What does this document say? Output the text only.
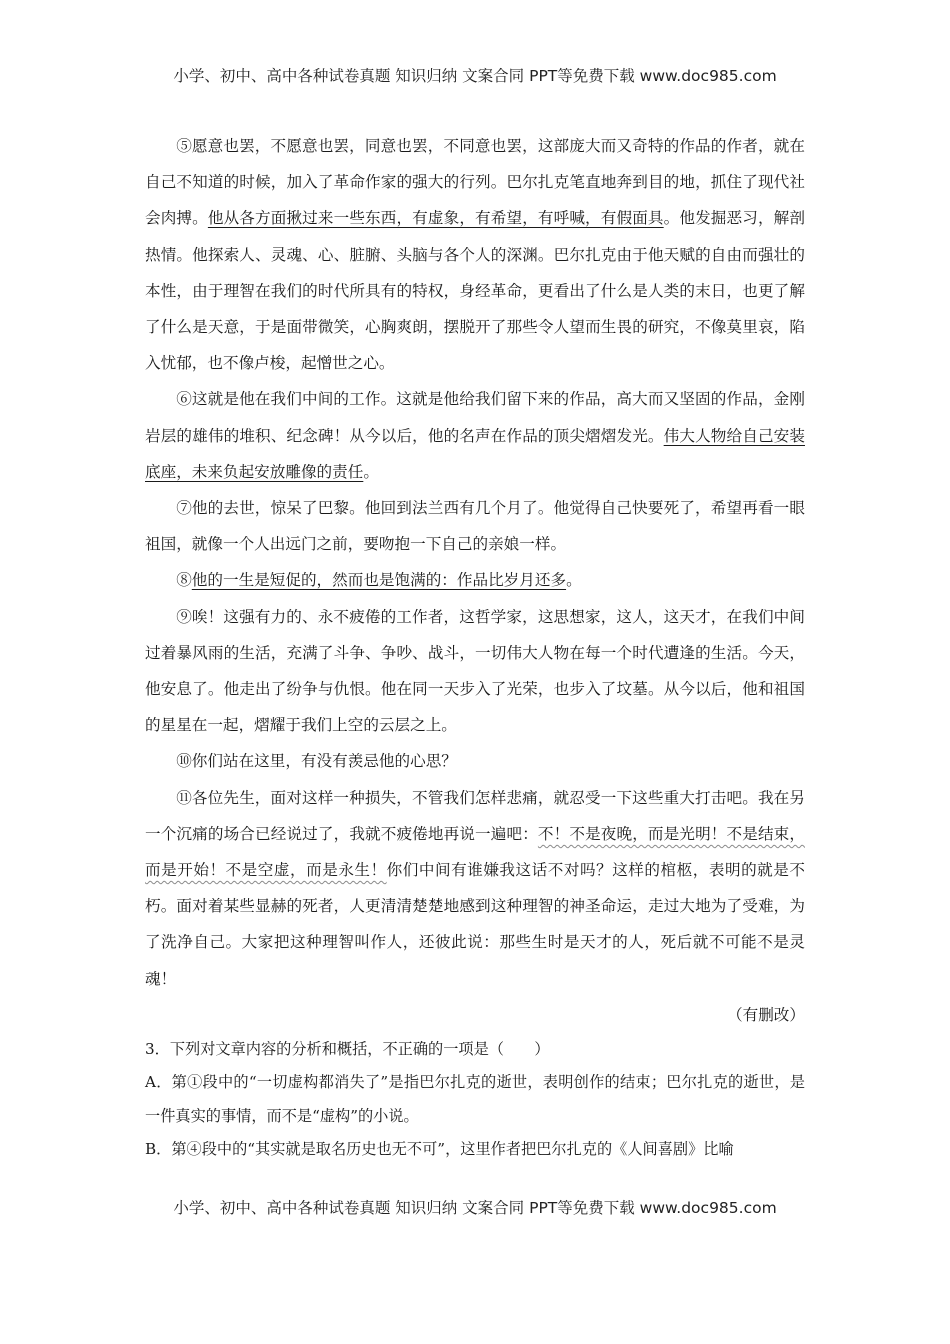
小学、初中、高中各种试卷真题 知识归纳 文案合同 PPT等免费下载 www.doc985.com

⑤愿意也罢，不愿意也罢，同意也罢，不同意也罢，这部庞大而又奇特的作品的作者，就在自己不知道的时候，加入了革命作家的强大的行列。巴尔扎克笔直地奔到目的地，抓住了现代社会肉搏。他从各方面揪过来一些东西，有虚象，有希望，有呼喊，有假面具。他发掘恶习，解剖热情。他探索人、灵魂、心、脏腑、头脑与各个人的深渊。巴尔扎克由于他天赋的自由而强壮的本性，由于理智在我们的时代所具有的特权，身经革命，更看出了什么是人类的末日，也更了解了什么是天意，于是面带微笑，心胸爽朗，摆脱开了那些令人望而生畏的研究，不像莫里哀，陷入忧郁，也不像卢梭，起憎世之心。

⑥这就是他在我们中间的工作。这就是他给我们留下来的作品，高大而又坚固的作品，金刚岩层的雄伟的堆积、纪念碑！从今以后，他的名声在作品的顶尖熠熠发光。伟大人物给自己安装底座，未来负起安放雕像的责任。

⑦他的去世，惊呆了巴黎。他回到法兰西有几个月了。他觉得自己快要死了，希望再看一眼祖国，就像一个人出远门之前，要吻抱一下自己的亲娘一样。

⑧他的一生是短促的，然而也是饱满的：作品比岁月还多。

⑨唉！这强有力的、永不疲倦的工作者，这哲学家，这思想家，这人，这天才，在我们中间过着暴风雨的生活，充满了斗争、争吵、战斗，一切伟大人物在每一个时代遭逢的生活。今天，他安息了。他走出了纷争与仇恨。他在同一天步入了光荣，也步入了坟墓。从今以后，他和祖国的星星在一起，熠耀于我们上空的云层之上。

⑩你们站在这里，有没有羡忌他的心思？

⑪各位先生，面对这样一种损失，不管我们怎样悲痛，就忍受一下这些重大打击吧。我在另一个沉痛的场合已经说过了，我就不疲倦地再说一遍吧：不！不是夜晚，而是光明！不是结束，而是开始！不是空虚，而是永生！你们中间有谁嫌我这话不对吗？这样的棺柩，表明的就是不朽。面对着某些显赫的死者，人更清清楚楚地感到这种理智的神圣命运，走过大地为了受难，为了洗净自己。大家把这种理智叫作人，还彼此说：那些生时是天才的人，死后就不可能不是灵魂！

（有删改）

3．下列对文章内容的分析和概括，不正确的一项是（　　）

A．第①段中的“一切虚构都消失了”是指巴尔扎克的逝世，表明创作的结束；巴尔扎克的逝世，是一件真实的事情，而不是“虚构”的小说。

B．第④段中的“其实就是取名历史也无不可”，这里作者把巴尔扎克的《人间喜剧》比喻

小学、初中、高中各种试卷真题 知识归纳 文案合同 PPT等免费下载 www.doc985.com
